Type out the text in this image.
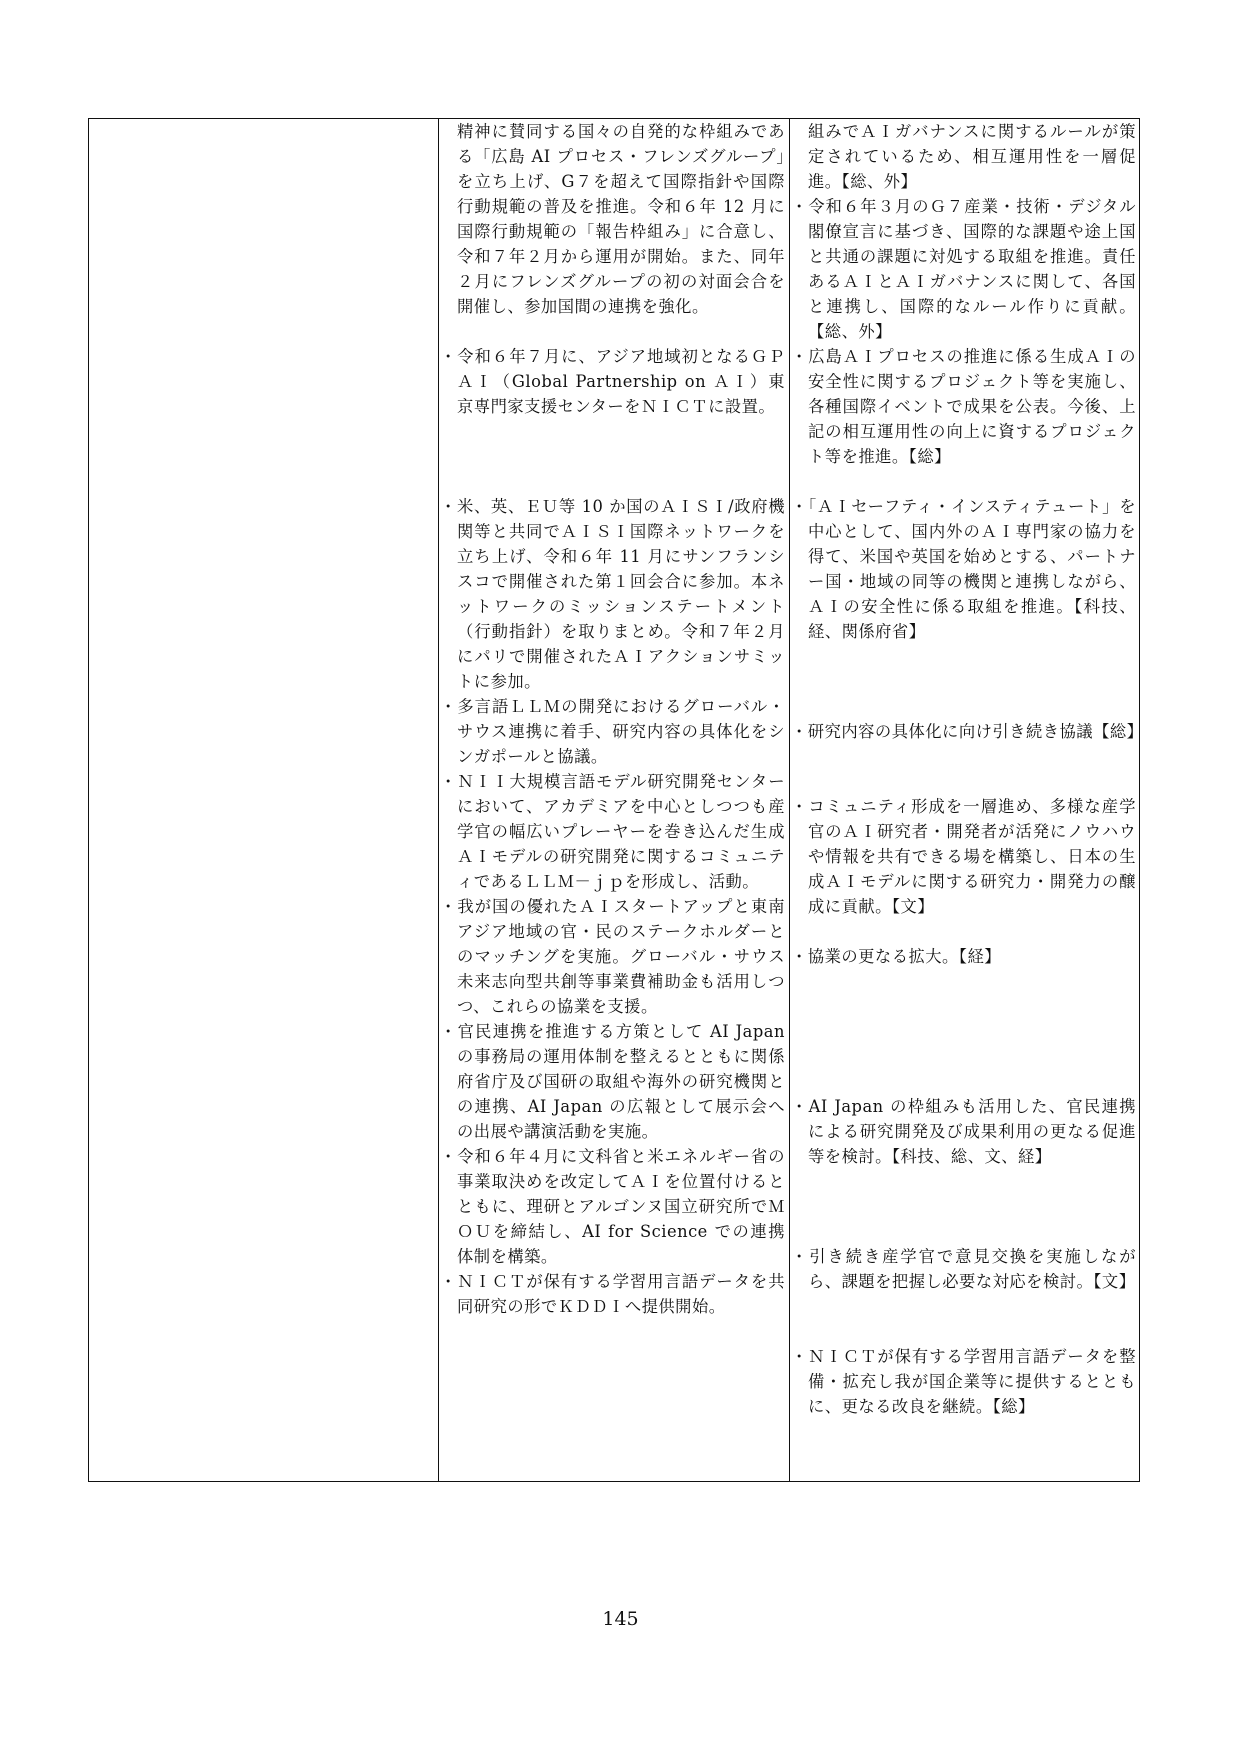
精神に賛同する国々の自発的な枠組みである「広島 AI プロセス・フレンズグループ」を立ち上げ、G７を超えて国際指針や国際行動規範の普及を推進。令和６年 12 月に国際行動規範の「報告枠組み」に合意し、令和７年２月から運用が開始。また、同年２月にフレンズグループの初の対面会合を開催し、参加国間の連携を強化。

・令和６年７月に、アジア地域初となるＧＰＡＩ（Global Partnership on ＡＩ）東京専門家支援センターをＮＩＣＴに設置。

・米、英、ＥＵ等 10 か国のＡＩＳＩ/政府機関等と共同でＡＩＳＩ国際ネットワークを立ち上げ、令和６年 11 月にサンフランシスコで開催された第１回会合に参加。本ネットワークのミッションステートメント（行動指針）を取りまとめ。令和７年２月にパリで開催されたＡＩアクションサミットに参加。

・多言語ＬＬＭの開発におけるグローバル・サウス連携に着手、研究内容の具体化をシンガポールと協議。

・ＮＩＩ大規模言語モデル研究開発センターにおいて、アカデミアを中心としつつも産学官の幅広いプレーヤーを巻き込んだ生成ＡＩモデルの研究開発に関するコミュニティであるＬＬＭ－ｊｐを形成し、活動。

・我が国の優れたＡＩスタートアップと東南アジア地域の官・民のステークホルダーとのマッチングを実施。グローバル・サウス未来志向型共創等事業費補助金も活用しつつ、これらの協業を支援。

・官民連携を推進する方策として AI Japan の事務局の運用体制を整えるとともに関係府省庁及び国研の取組や海外の研究機関との連携、AI Japan の広報として展示会への出展や講演活動を実施。

・令和６年４月に文科省と米エネルギー省の事業取決めを改定してＡＩを位置付けるとともに、理研とアルゴンヌ国立研究所でＭＯＵを締結し、AI for Science での連携体制を構築。

・ＮＩＣＴが保有する学習用言語データを共同研究の形でＫＤＤＩへ提供開始。

組みでＡＩガバナンスに関するルールが策定されているため、相互運用性を一層促進。【総、外】

・令和６年３月のＧ７産業・技術・デジタル閣僚宣言に基づき、国際的な課題や途上国と共通の課題に対処する取組を推進。責任あるＡＩとＡＩガバナンスに関して、各国と連携し、国際的なルール作りに貢献。【総、外】

・広島ＡＩプロセスの推進に係る生成ＡＩの安全性に関するプロジェクト等を実施し、各種国際イベントで成果を公表。今後、上記の相互運用性の向上に資するプロジェクト等を推進。【総】

・「ＡＩセーフティ・インスティテュート」を中心として、国内外のＡＩ専門家の協力を得て、米国や英国を始めとする、パートナー国・地域の同等の機関と連携しながら、ＡＩの安全性に係る取組を推進。【科技、経、関係府省】

・研究内容の具体化に向け引き続き協議【総】

・コミュニティ形成を一層進め、多様な産学官のＡＩ研究者・開発者が活発にノウハウや情報を共有できる場を構築し、日本の生成ＡＩモデルに関する研究力・開発力の醸成に貢献。【文】

・協業の更なる拡大。【経】

・AI Japan の枠組みも活用した、官民連携による研究開発及び成果利用の更なる促進等を検討。【科技、総、文、経】

・引き続き産学官で意見交換を実施しながら、課題を把握し必要な対応を検討。【文】

・ＮＩＣＴが保有する学習用言語データを整備・拡充し我が国企業等に提供するとともに、更なる改良を継続。【総】

145
